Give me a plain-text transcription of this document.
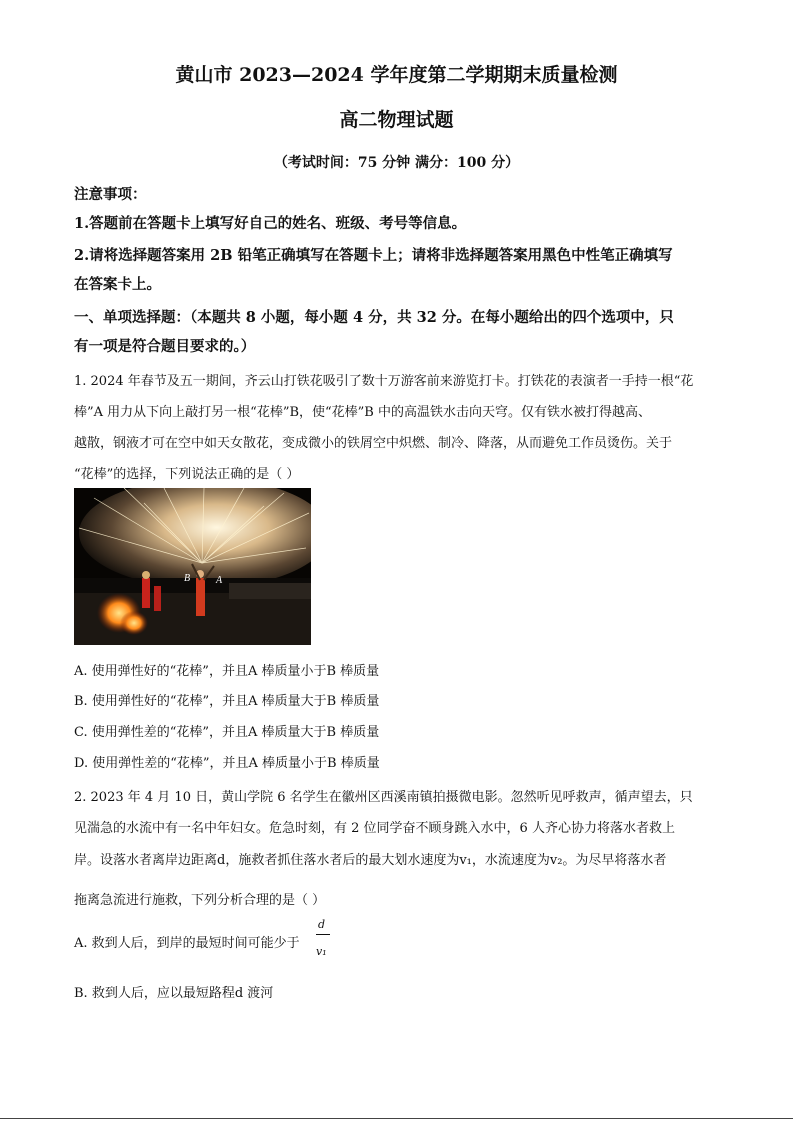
黄山市 2023—2024 学年度第二学期期末质量检测
高二物理试题
（考试时间：75 分钟 满分：100 分）
注意事项：
1.答题前在答题卡上填写好自己的姓名、班级、考号等信息。
2.请将选择题答案用 2B 铅笔正确填写在答题卡上；请将非选择题答案用黑色中性笔正确填写
在答案卡上。
一、单项选择题：（本题共 8 小题，每小题 4 分，共 32 分。在每小题给出的四个选项中，只
有一项是符合题目要求的。）
1. 2024 年春节及五一期间，齐云山打铁花吸引了数十万游客前来游览打卡。打铁花的表演者一手持一根“花
棒”A 用力从下向上敲打另一根“花棒”B，使“花棒”B 中的高温铁水击向天穹。仅有铁水被打得越高、
越散，钢液才可在空中如天女散花，变成微小的铁屑空中炽燃、制冷、降落，从而避免工作员烫伤。关于
“花棒”的选择，下列说法正确的是（ ）
B	A
A. 使用弹性好的“花棒”，并且A 棒质量小于B 棒质量
B. 使用弹性好的“花棒”，并且A 棒质量大于B 棒质量
C. 使用弹性差的“花棒”，并且A 棒质量大于B 棒质量
D. 使用弹性差的“花棒”，并且A 棒质量小于B 棒质量
2. 2023 年 4 月 10 日，黄山学院 6 名学生在徽州区西溪南镇拍摄微电影。忽然听见呼救声，循声望去，只
见湍急的水流中有一名中年妇女。危急时刻，有 2 位同学奋不顾身跳入水中，6 人齐心协力将落水者救上
岸。设落水者离岸边距离d，施救者抓住落水者后的最大划水速度为v₁，水流速度为v₂。为尽早将落水者
拖离急流进行施救，下列分析合理的是（ ）
A. 救到人后，到岸的最短时间可能少于
d
v₁
B. 救到人后，应以最短路程d 渡河
